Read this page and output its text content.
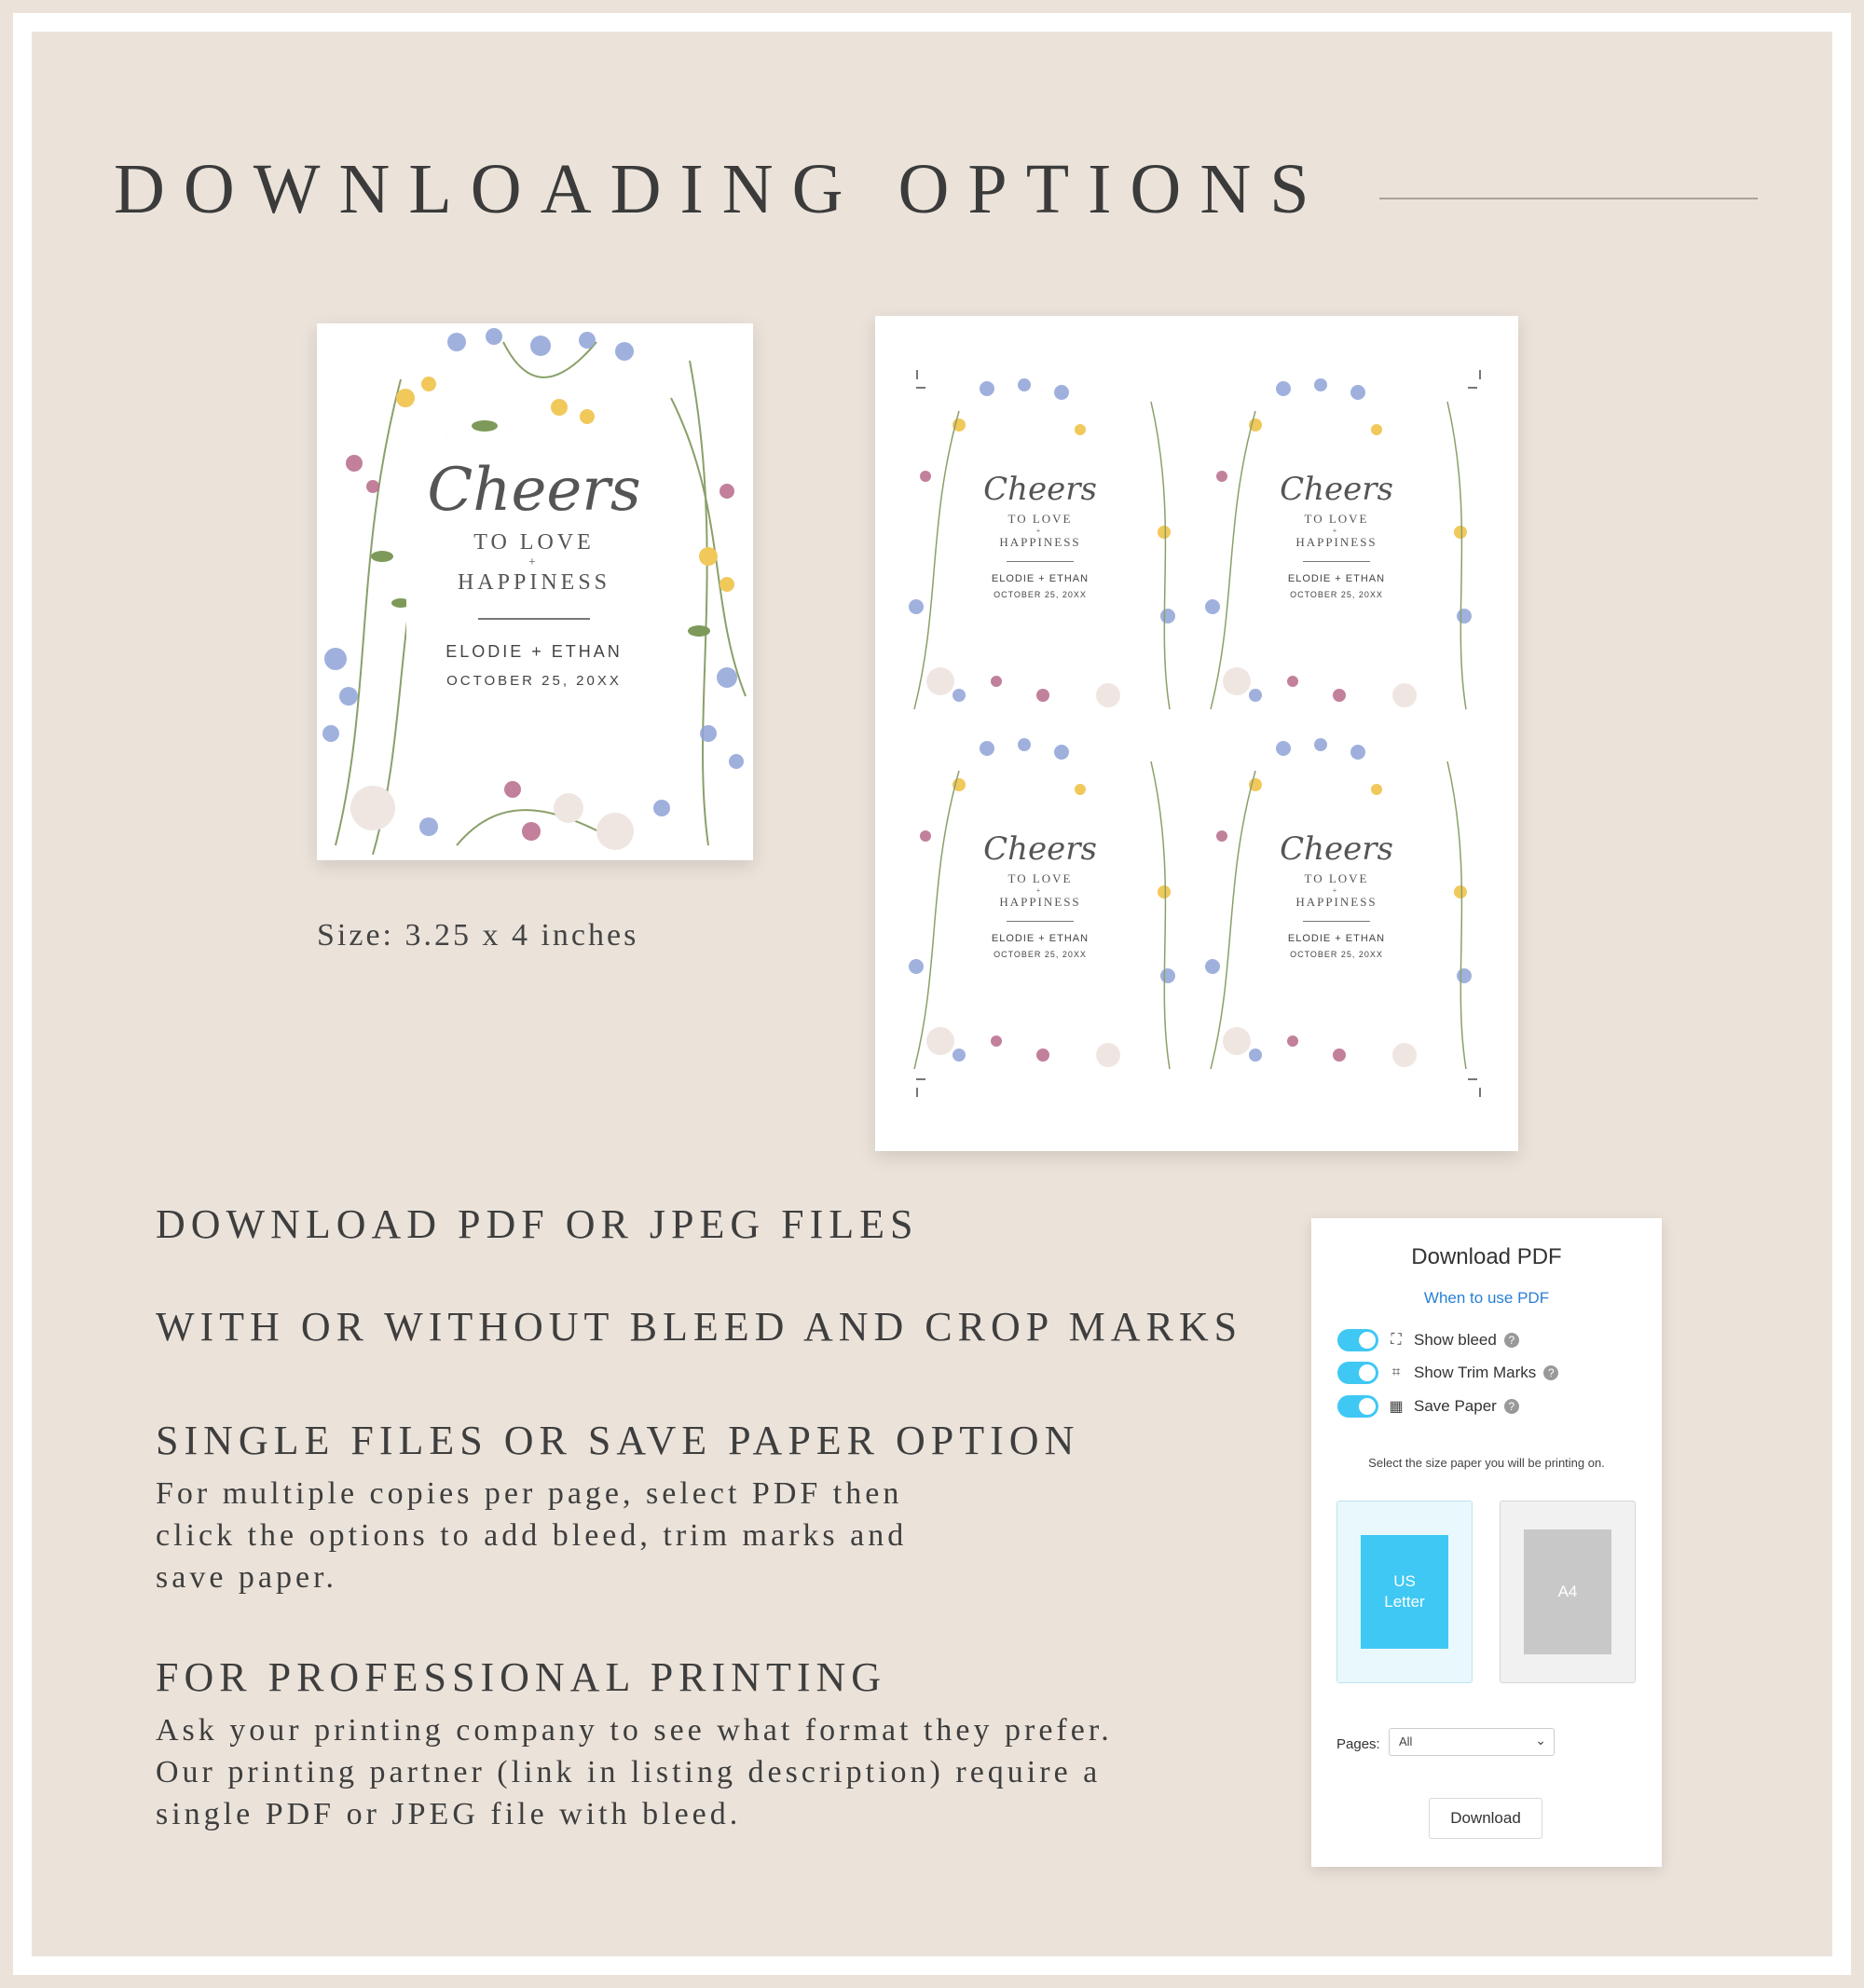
DOWNLOADING OPTIONS
Cheers
TO LOVE
+
HAPPINESS
ELODIE + ETHAN
OCTOBER 25, 20XX
Size: 3.25 x 4 inches
Cheers
TO LOVE
+
HAPPINESS
ELODIE + ETHAN
OCTOBER 25, 20XX
Cheers
TO LOVE
+
HAPPINESS
ELODIE + ETHAN
OCTOBER 25, 20XX
Cheers
TO LOVE
+
HAPPINESS
ELODIE + ETHAN
OCTOBER 25, 20XX
Cheers
TO LOVE
+
HAPPINESS
ELODIE + ETHAN
OCTOBER 25, 20XX
DOWNLOAD PDF OR JPEG FILES
WITH OR WITHOUT BLEED AND CROP MARKS
SINGLE FILES OR SAVE PAPER OPTION
For multiple copies per page, select PDF then click the options to add bleed, trim marks and save paper.
FOR PROFESSIONAL PRINTING
Ask your printing company to see what format they prefer. Our printing partner (link in listing description) require a single PDF or JPEG file with bleed.
Download PDF
When to use PDF
⛶ Show bleed	?
⌗ Show Trim Marks	?
▦ Save Paper	?
Select the size paper you will be printing on.
US Letter
A4
Pages:	All	⌄
Download
